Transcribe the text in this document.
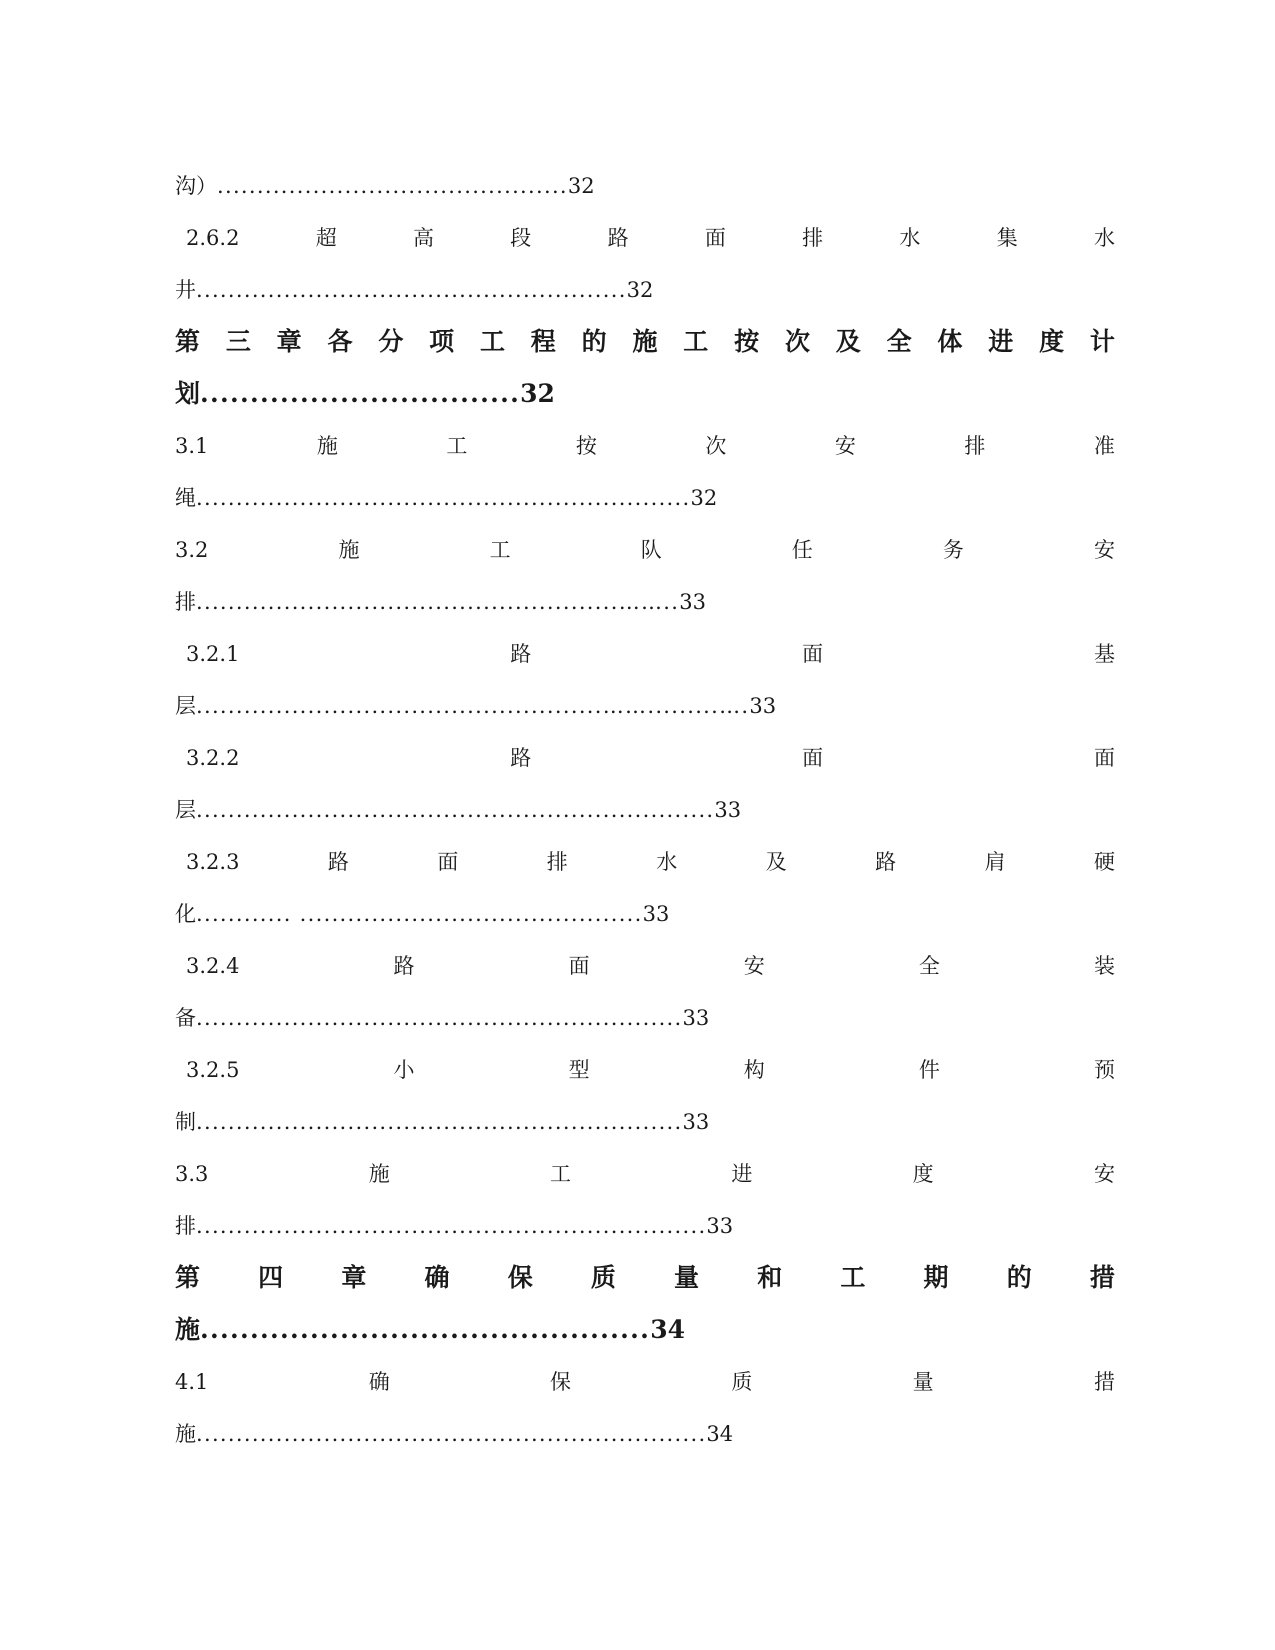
沟）............................................32
2.6.2	超	高	段	路	面	排	水	集	水
井......................................................32
第 三 章 各 分 项 工 程 的 施 工 按 次 及 全 体 进 度 计
划................................32
3.1	施	工	按	次	安	排	准
绳..............................................................32
3.2	施	工	队	任	务	安
排.....................................................……..33
3.2.1	路	面	基
层...................................................…….........….33
3.2.2	路	面	面
层.................................................................33
3.2.3	路	面	排	水	及	路	肩	硬
化............ ...........................................33
3.2.4	路	面	安	全	装
备.............................................................33
3.2.5	小	型	构	件	预
制.............................................................33
3.3	施	工	进	度	安
排................................................................33
第 四 章 确 保 质 量 和 工 期 的 措
施.............................................34
4.1	确	保	质	量	措
施................................................................34
